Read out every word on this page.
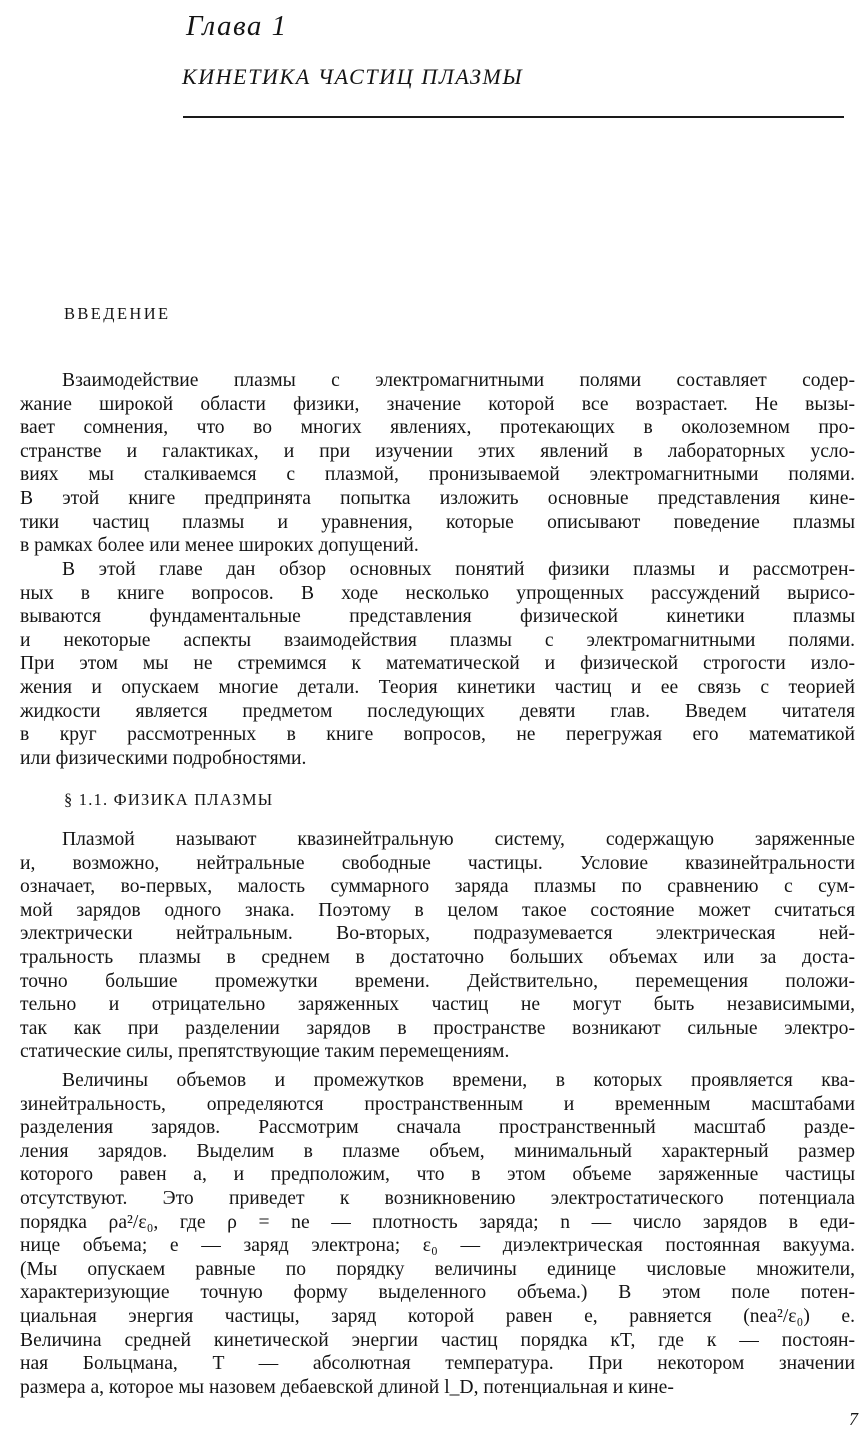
Глава 1
КИНЕТИКА ЧАСТИЦ ПЛАЗМЫ
ВВЕДЕНИЕ

Взаимодействие плазмы с электромагнитными полями составляет содер-
жание широкой области физики, значение которой все возрастает. Не вызы-
вает сомнения, что во многих явлениях, протекающих в околоземном про-
странстве и галактиках, и при изучении этих явлений в лабораторных усло-
виях мы сталкиваемся с плазмой, пронизываемой электромагнитными полями.
В этой книге предпринята попытка изложить основные представления кине-
тики частиц плазмы и уравнения, которые описывают поведение плазмы
в рамках более или менее широких допущений.

В этой главе дан обзор основных понятий физики плазмы и рассмотрен-
ных в книге вопросов. В ходе несколько упрощенных рассуждений вырисо-
вываются фундаментальные представления физической кинетики плазмы
и некоторые аспекты взаимодействия плазмы с электромагнитными полями.
При этом мы не стремимся к математической и физической строгости изло-
жения и опускаем многие детали. Теория кинетики частиц и ее связь с теорией
жидкости является предметом последующих девяти глав. Введем читателя
в круг рассмотренных в книге вопросов, не перегружая его математикой
или физическими подробностями.

§ 1.1. ФИЗИКА ПЛАЗМЫ

Плазмой называют квазинейтральную систему, содержащую заряженные
и, возможно, нейтральные свободные частицы. Условие квазинейтральности
означает, во-первых, малость суммарного заряда плазмы по сравнению с сум-
мой зарядов одного знака. Поэтому в целом такое состояние может считаться
электрически нейтральным. Во-вторых, подразумевается электрическая ней-
тральность плазмы в среднем в достаточно больших объемах или за доста-
точно большие промежутки времени. Действительно, перемещения положи-
тельно и отрицательно заряженных частиц не могут быть независимыми,
так как при разделении зарядов в пространстве возникают сильные электро-
статические силы, препятствующие таким перемещениям.

Величины объемов и промежутков времени, в которых проявляется ква-
зинейтральность, определяются пространственным и временным масштабами
разделения зарядов. Рассмотрим сначала пространственный масштаб разде-
ления зарядов. Выделим в плазме объем, минимальный характерный размер
которого равен a, и предположим, что в этом объеме заряженные частицы
отсутствуют. Это приведет к возникновению электростатического потенциала
порядка ρa²/ε₀, где ρ = ne — плотность заряда; n — число зарядов в еди-
нице объема; e — заряд электрона; ε₀ — диэлектрическая постоянная вакуума.
(Мы опускаем равные по порядку величины единице числовые множители,
характеризующие точную форму выделенного объема.) В этом поле потен-
циальная энергия частицы, заряд которой равен e, равняется (nea²/ε₀) e.
Величина средней кинетической энергии частиц порядка кT, где к — постоян-
ная Больцмана, T — абсолютная температура. При некотором значении
размера a, которое мы назовем дебаевской длиной l_D, потенциальная и кине-

7
